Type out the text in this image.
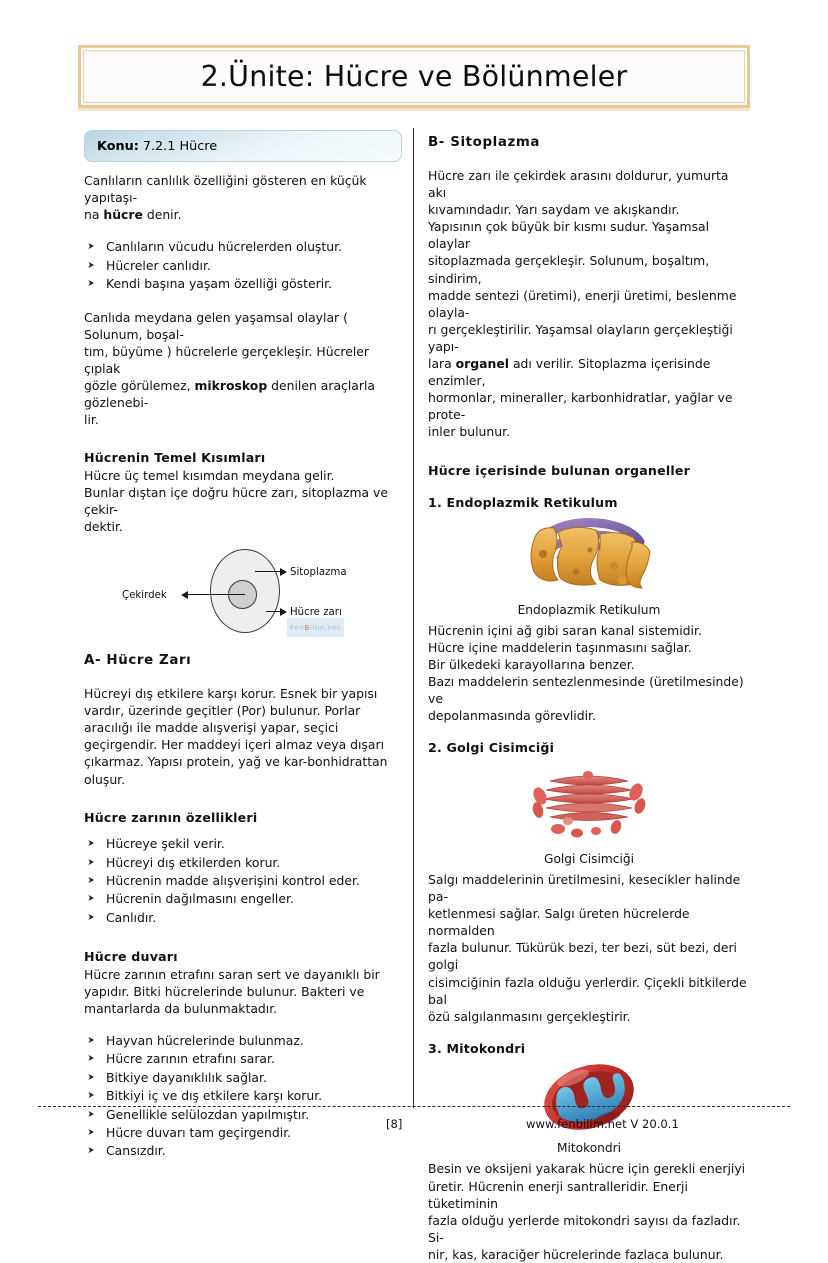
2.Ünite: Hücre ve Bölünmeler
Konu: 7.2.1 Hücre

Canlıların canlılık özelliğini gösteren en küçük yapıtaşı-
na hücre denir.

➤ Canlıların vücudu hücrelerden oluştur.
➤ Hücreler canlıdır.
➤ Kendi başına yaşam özelliği gösterir.

Canlıda meydana gelen yaşamsal olaylar ( Solunum, boşal-
tım, büyüme ) hücrelerle gerçekleşir. Hücreler çıplak
gözle görülemez, mikroskop denilen araçlarla gözlenebi-
lir.

Hücrenin Temel Kısımları

Hücre üç temel kısımdan meydana gelir.
Bunlar dıştan içe doğru hücre zarı, sitoplazma ve çekir-
dektir.

Çekirdek
Sitoplazma
Hücre zarı
FenBilim.net
A- Hücre Zarı

Hücreyi dış etkilere karşı korur. Esnek bir yapısı vardır, üzerinde geçitler (Por) bulunur. Porlar aracılığı ile madde alışverişi yapar, seçici geçirgendir. Her maddeyi içeri almaz veya dışarı çıkarmaz. Yapısı protein, yağ ve kar-bonhidrattan oluşur.

Hücre zarının özellikleri
➤ Hücreye şekil verir.
➤ Hücreyi dış etkilerden korur.
➤ Hücrenin madde alışverişini kontrol eder.
➤ Hücrenin dağılmasını engeller.
➤ Canlıdır.
Hücre duvarı

Hücre zarının etrafını saran sert ve dayanıklı bir yapıdır. Bitki hücrelerinde bulunur. Bakteri ve mantarlarda da bulunmaktadır.

➤ Hayvan hücrelerinde bulunmaz.
➤ Hücre zarının etrafını sarar.
➤ Bitkiye dayanıklılık sağlar.
➤ Bitkiyi iç ve dış etkilere karşı korur.
➤ Genellikle selülozdan yapılmıştır.
➤ Hücre duvarı tam geçirgendir.
➤ Cansızdır.
B- Sitoplazma

Hücre zarı ile çekirdek arasını doldurur, yumurta akı
kıvamındadır. Yarı saydam ve akışkandır.
Yapısının çok büyük bir kısmı sudur. Yaşamsal olaylar
sitoplazmada gerçekleşir. Solunum, boşaltım, sindirim,
madde sentezi (üretimi), enerji üretimi, beslenme olayla-
rı gerçekleştirilir. Yaşamsal olayların gerçekleştiği yapı-
lara organel adı verilir. Sitoplazma içerisinde enzimler,
hormonlar, mineraller, karbonhidratlar, yağlar ve prote-
inler bulunur.

Hücre içerisinde bulunan organeller
1. Endoplazmik Retikulum
Endoplazmik Retikulum

Hücrenin içini ağ gibi saran kanal sistemidir.
Hücre içine maddelerin taşınmasını sağlar.
Bir ülkedeki karayollarına benzer.
Bazı maddelerin sentezlenmesinde (üretilmesinde) ve
depolanmasında görevlidir.

2. Golgi Cisimciği
Golgi Cisimciği

Salgı maddelerinin üretilmesini, kesecikler halinde pa-
ketlenmesi sağlar. Salgı üreten hücrelerde normalden
fazla bulunur. Tükürük bezi, ter bezi, süt bezi, deri golgi
cisimciğinin fazla olduğu yerlerdir. Çiçekli bitkilerde bal
özü salgılanmasını gerçekleştirir.

3. Mitokondri
Mitokondri

Besin ve oksijeni yakarak hücre için gerekli enerjiyi
üretir. Hücrenin enerji santralleridir. Enerji tüketiminin
fazla olduğu yerlerde mitokondri sayısı da fazladır. Si-
nir, kas, karaciğer hücrelerinde fazlaca bulunur.

[8]	www.fenbilim.net V 20.0.1
